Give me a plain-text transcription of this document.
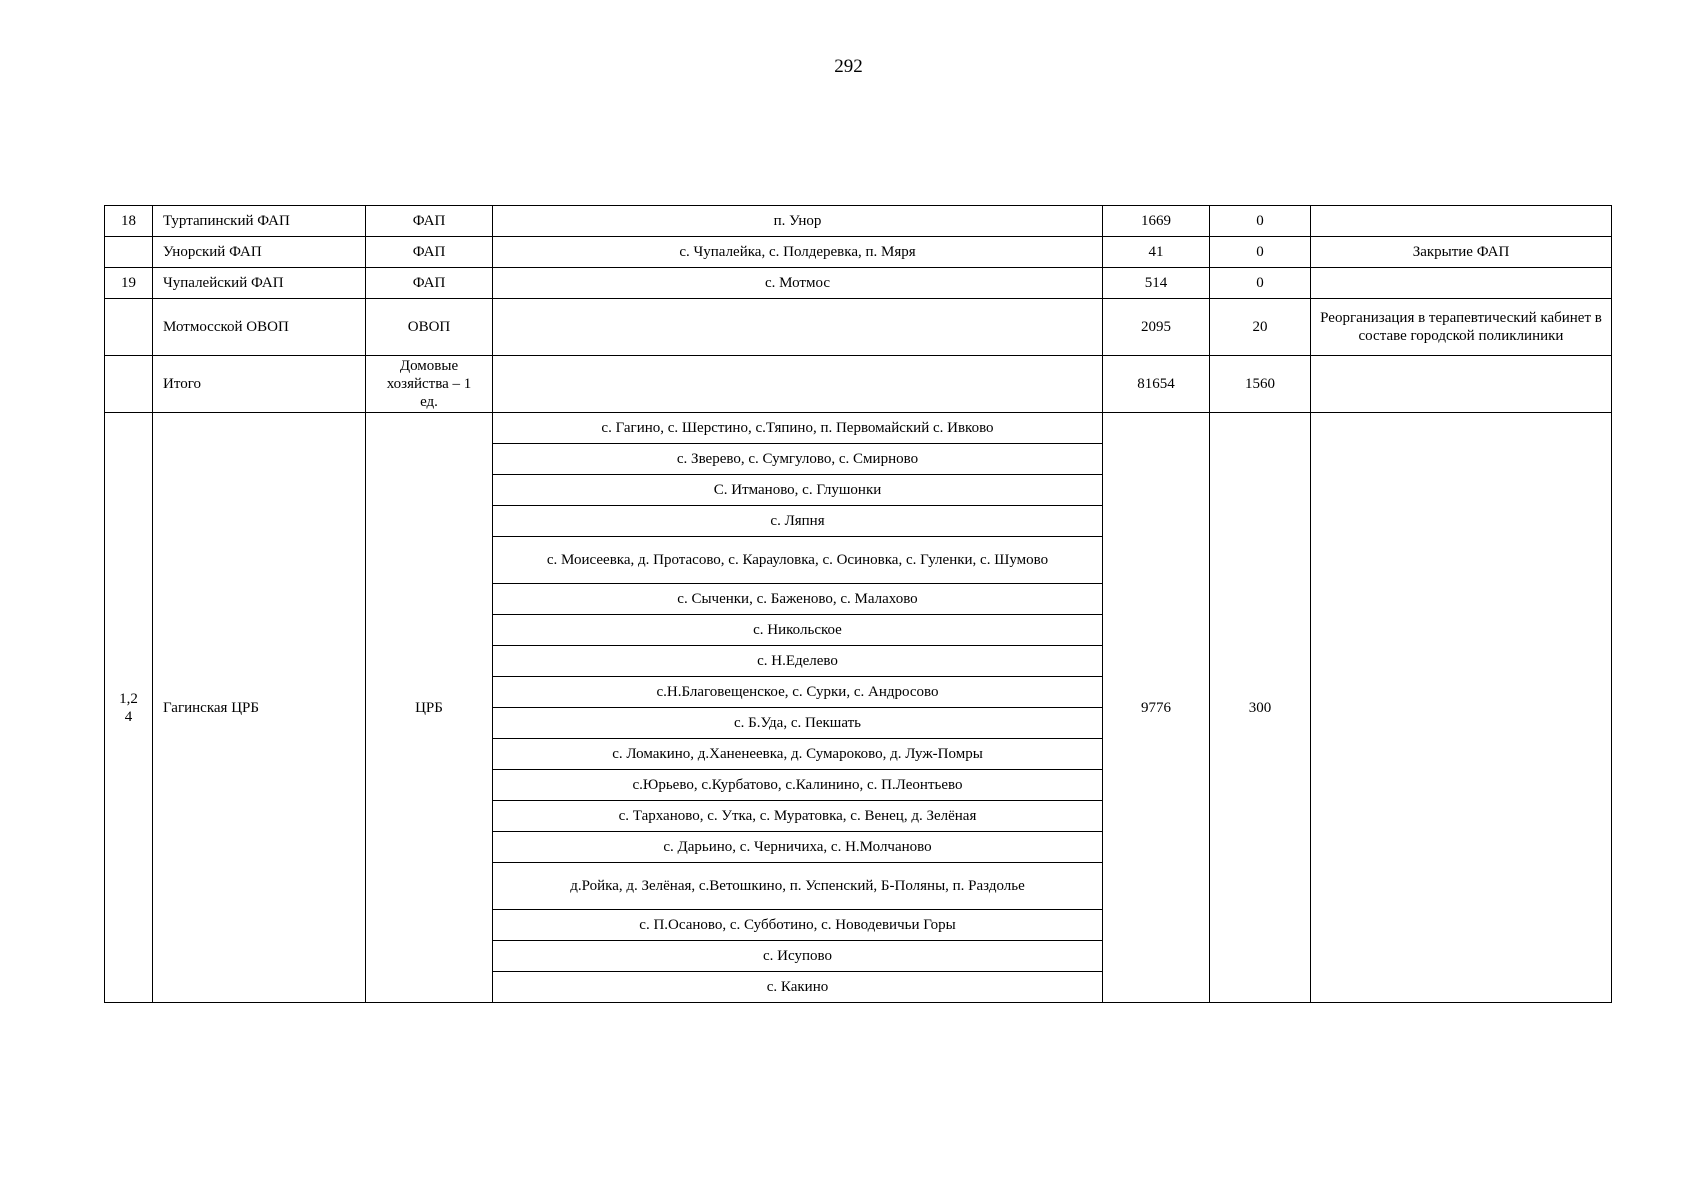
292
18	Туртапинский ФАП	ФАП	п. Унор	1669	0	
	Унорский ФАП	ФАП	с. Чупалейка, с. Полдеревка, п. Мяря	41	0	Закрытие ФАП
19	Чупалейский ФАП	ФАП	с. Мотмос	514	0	
	Мотмосской ОВОП	ОВОП		2095	20	Реорганизация в терапевтический кабинет в составе городской поликлиники
	Итого	Домовые хозяйства – 1 ед.		81654	1560	
1,2 4	Гагинская ЦРБ	ЦРБ	с. Гагино, с. Шерстино, с.Тяпино, п. Первомайский с. Ивково	9776	300	
			с. Зверево, с. Сумгулово, с. Смирново			
			С. Итманово, с. Глушонки			
			с. Ляпня			
			с. Моисеевка, д. Протасово, с. Карауловка, с. Осиновка, с. Гуленки, с. Шумово			
			с. Сыченки, с. Баженово, с. Малахово			
			с. Никольское			
			с. Н.Еделево			
			с.Н.Благовещенское, с. Сурки, с. Андросово			
			с. Б.Уда, с. Пекшать			
			с. Ломакино, д.Ханенеевка, д. Сумароково, д. Луж-Помры			
			с.Юрьево, с.Курбатово, с.Калинино, с. П.Леонтьево			
			с. Тарханово, с. Утка, с. Муратовка, с. Венец, д. Зелёная			
			с. Дарьино, с. Черничиха, с. Н.Молчаново			
			д.Ройка, д. Зелёная, с.Ветошкино, п. Успенский, Б-Поляны, п. Раздолье			
			с. П.Осаново, с. Субботино, с. Новодевичьи Горы			
			с. Исупово			
			с. Какино			
